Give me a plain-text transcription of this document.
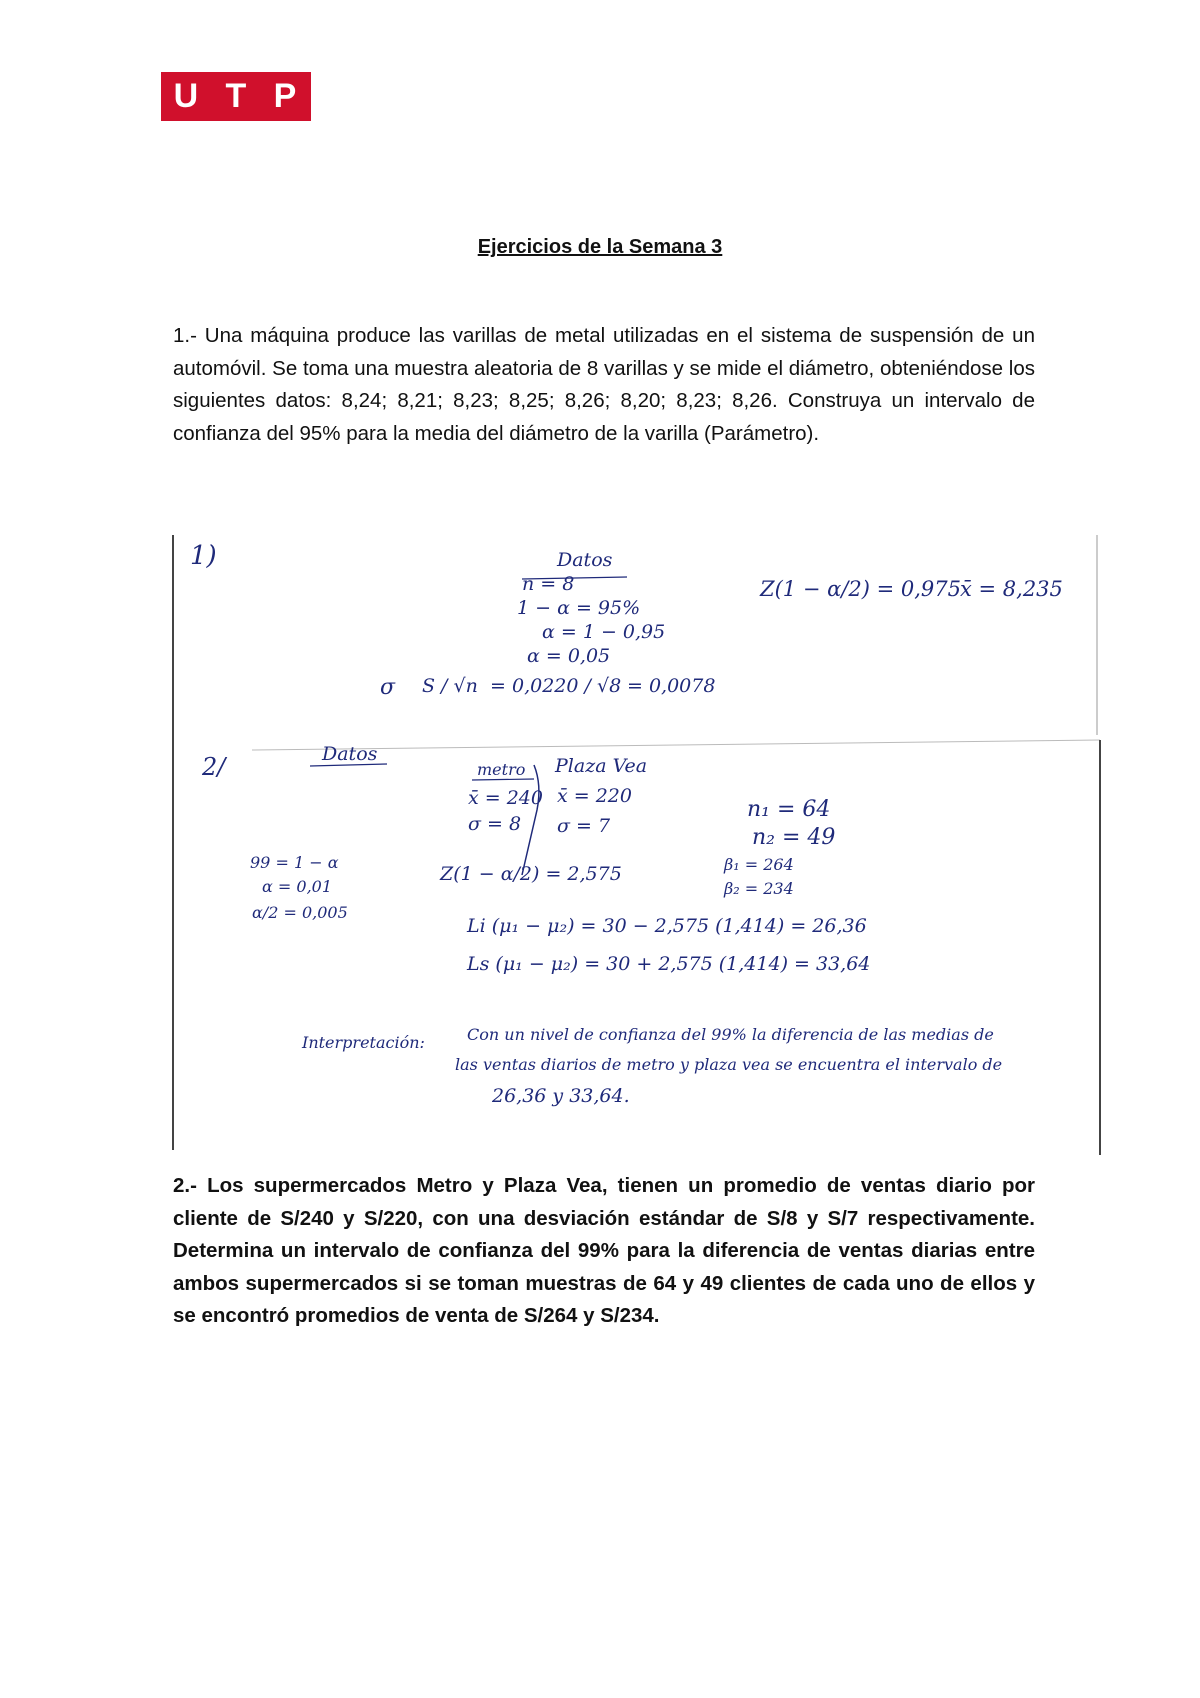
U T P
Ejercicios de la Semana 3

1.- Una máquina produce las varillas de metal utilizadas en el sistema de suspensión de un automóvil. Se toma una muestra aleatoria de 8 varillas y se mide el diámetro, obteniéndose los siguientes datos: 8,24; 8,21; 8,23; 8,25; 8,26; 8,20; 8,23; 8,26. Construya un intervalo de confianza del 95% para la media del diámetro de la varilla (Parámetro).

1)	Datos
n = 8
1 − α = 95%
α = 1 − 0,95
α = 0,05
Z(1 − α/2) = 0,975 x̄ = 8,235
σ S / √n = 0,0220 / √8 = 0,0078
2/	Datos
metro
x̄ = 240
σ = 8
Plaza Vea
x̄ = 220
σ = 7
n₁ = 64
n₂ = 49
β₁ = 264
β₂ = 234
99 = 1 − α
α = 0,01
α/2 = 0,005
Z(1 − α/2) = 2,575
Li (μ₁ − μ₂) = 30 − 2,575 (1,414) = 26,36
Ls (μ₁ − μ₂) = 30 + 2,575 (1,414) = 33,64
Interpretación:	Con un nivel de confianza del 99% la diferencia de las medias de
las ventas diarios de metro y plaza vea se encuentra el intervalo de
26,36 y 33,64.

2.- Los supermercados Metro y Plaza Vea, tienen un promedio de ventas diario por cliente de S/240 y S/220, con una desviación estándar de S/8 y S/7 respectivamente. Determina un intervalo de confianza del 99% para la diferencia de ventas diarias entre ambos supermercados si se toman muestras de 64 y 49 clientes de cada uno de ellos y se encontró promedios de venta de S/264 y S/234.
